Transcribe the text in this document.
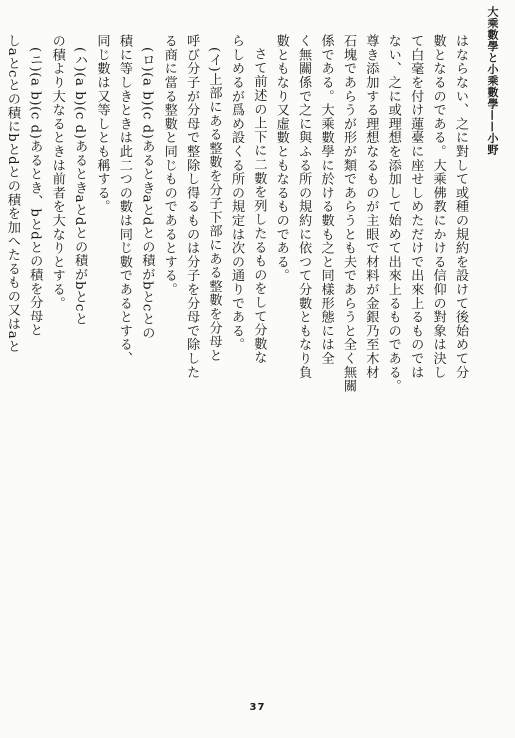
大乘數學と小乘數學——小野

はならない、之に對して或種の規約を設けて後始めて分

數となるのである。大乘佛教にかける信仰の對象は決し

て白毫を付け蓮臺に座せしめただけで出來上るものでは

ない、之に或理想を添加して始めて出來上るものである。

尊き添加する理想なるものが主眼で材料が金銀乃至木材

石塊であらうが形が類であらうとも夫であらうと全く無關

係である。大乘數學に於ける數も之と同樣形態には全

く無關係で之に與ふる所の規約に依つて分數ともなり負

數ともなり又虛數ともなるものである。

さて前述の上下に二數を列したるものをして分數な

らしめるが爲め設くる所の規定は次の通りである。

(イ)上部にある整數を分子下部にある整數を分母と

呼び分子が分母で整除し得るものは分子を分母で除した

る商に當る整數と同じものであるとする。

(ロ)(a b)(c d)あるときaとdとの積がbとcとの

積に等しきときは此二つの數は同じ數であるとする、

同じ數は又等しとも稱する。

(ハ)(a b)(c d)あるときaとdとの積がbとcと

の積より大なるときは前者を大なりとする。

(ニ)(a b)(c d)あるとき、bとdとの積を分母と

しaとcとの積にbとdとの積を加へたるもの又はaと

37
